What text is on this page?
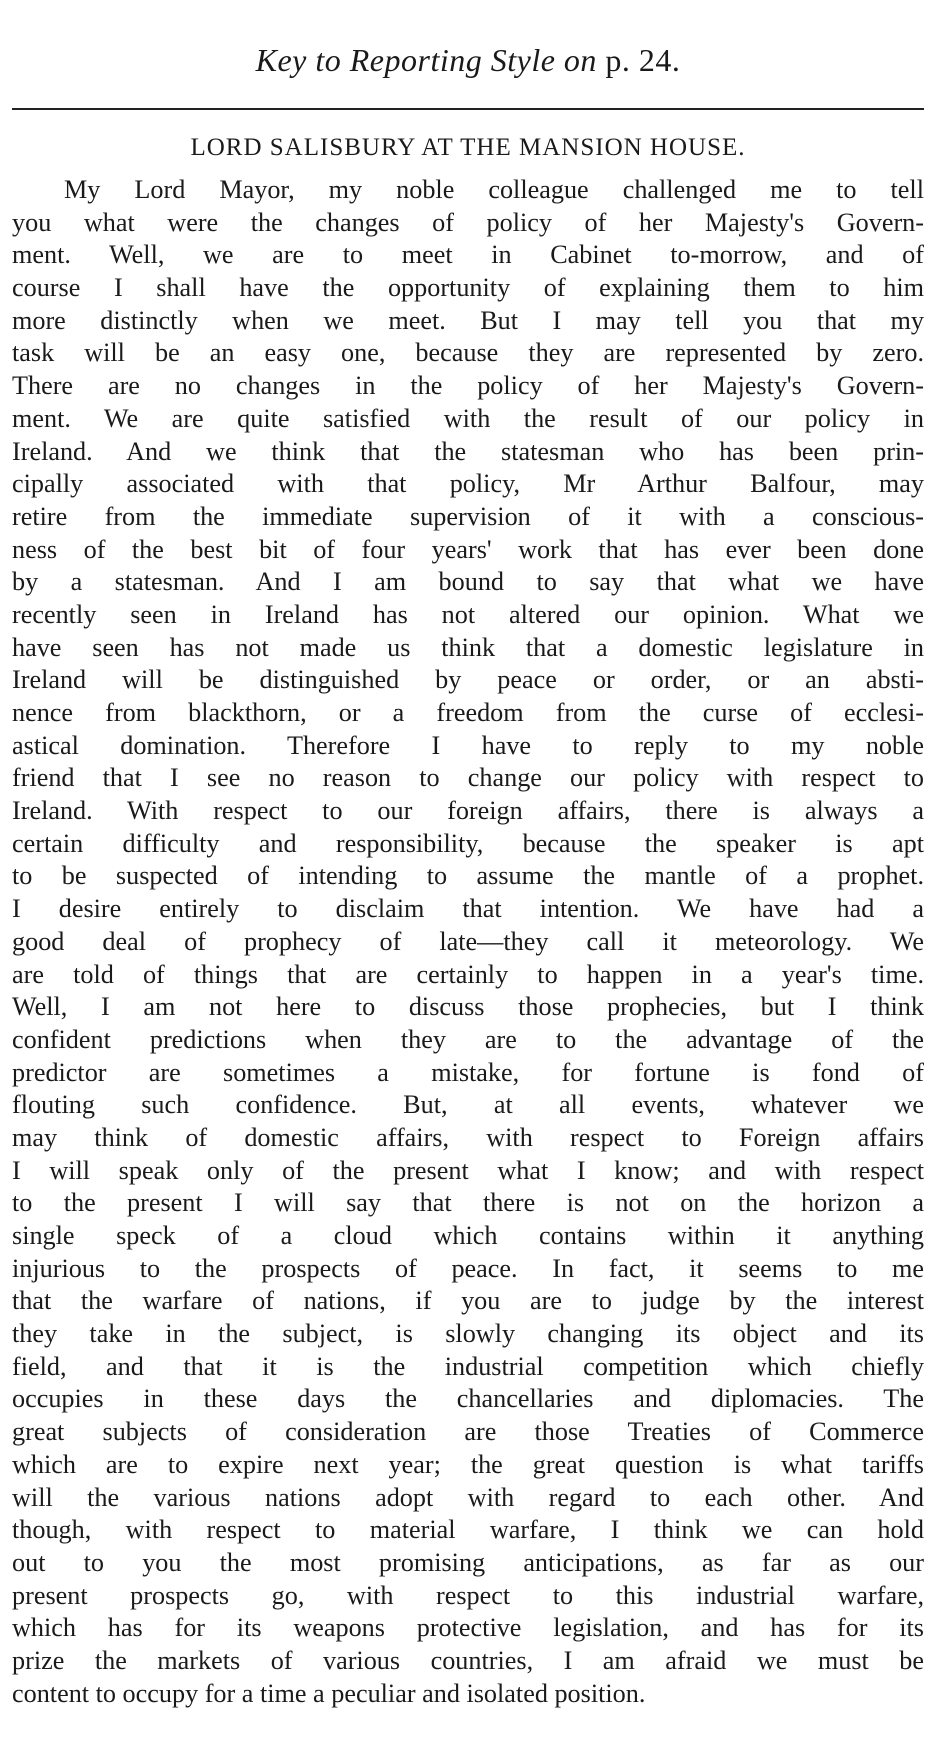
Key to Reporting Style on p. 24.
LORD SALISBURY AT THE MANSION HOUSE.
My Lord Mayor, my noble colleague challenged me to tell
you what were the changes of policy of her Majesty's Govern-
ment. Well, we are to meet in Cabinet to-morrow, and of
course I shall have the opportunity of explaining them to him
more distinctly when we meet. But I may tell you that my
task will be an easy one, because they are represented by zero.
There are no changes in the policy of her Majesty's Govern-
ment. We are quite satisfied with the result of our policy in
Ireland. And we think that the statesman who has been prin-
cipally associated with that policy, Mr Arthur Balfour, may
retire from the immediate supervision of it with a conscious-
ness of the best bit of four years' work that has ever been done
by a statesman. And I am bound to say that what we have
recently seen in Ireland has not altered our opinion. What we
have seen has not made us think that a domestic legislature in
Ireland will be distinguished by peace or order, or an absti-
nence from blackthorn, or a freedom from the curse of ecclesi-
astical domination. Therefore I have to reply to my noble
friend that I see no reason to change our policy with respect to
Ireland. With respect to our foreign affairs, there is always a
certain difficulty and responsibility, because the speaker is apt
to be suspected of intending to assume the mantle of a prophet.
I desire entirely to disclaim that intention. We have had a
good deal of prophecy of late—they call it meteorology. We
are told of things that are certainly to happen in a year's time.
Well, I am not here to discuss those prophecies, but I think
confident predictions when they are to the advantage of the
predictor are sometimes a mistake, for fortune is fond of
flouting such confidence. But, at all events, whatever we
may think of domestic affairs, with respect to Foreign affairs
I will speak only of the present what I know; and with respect
to the present I will say that there is not on the horizon a
single speck of a cloud which contains within it anything
injurious to the prospects of peace. In fact, it seems to me
that the warfare of nations, if you are to judge by the interest
they take in the subject, is slowly changing its object and its
field, and that it is the industrial competition which chiefly
occupies in these days the chancellaries and diplomacies. The
great subjects of consideration are those Treaties of Commerce
which are to expire next year; the great question is what tariffs
will the various nations adopt with regard to each other. And
though, with respect to material warfare, I think we can hold
out to you the most promising anticipations, as far as our
present prospects go, with respect to this industrial warfare,
which has for its weapons protective legislation, and has for its
prize the markets of various countries, I am afraid we must be
content to occupy for a time a peculiar and isolated position.
